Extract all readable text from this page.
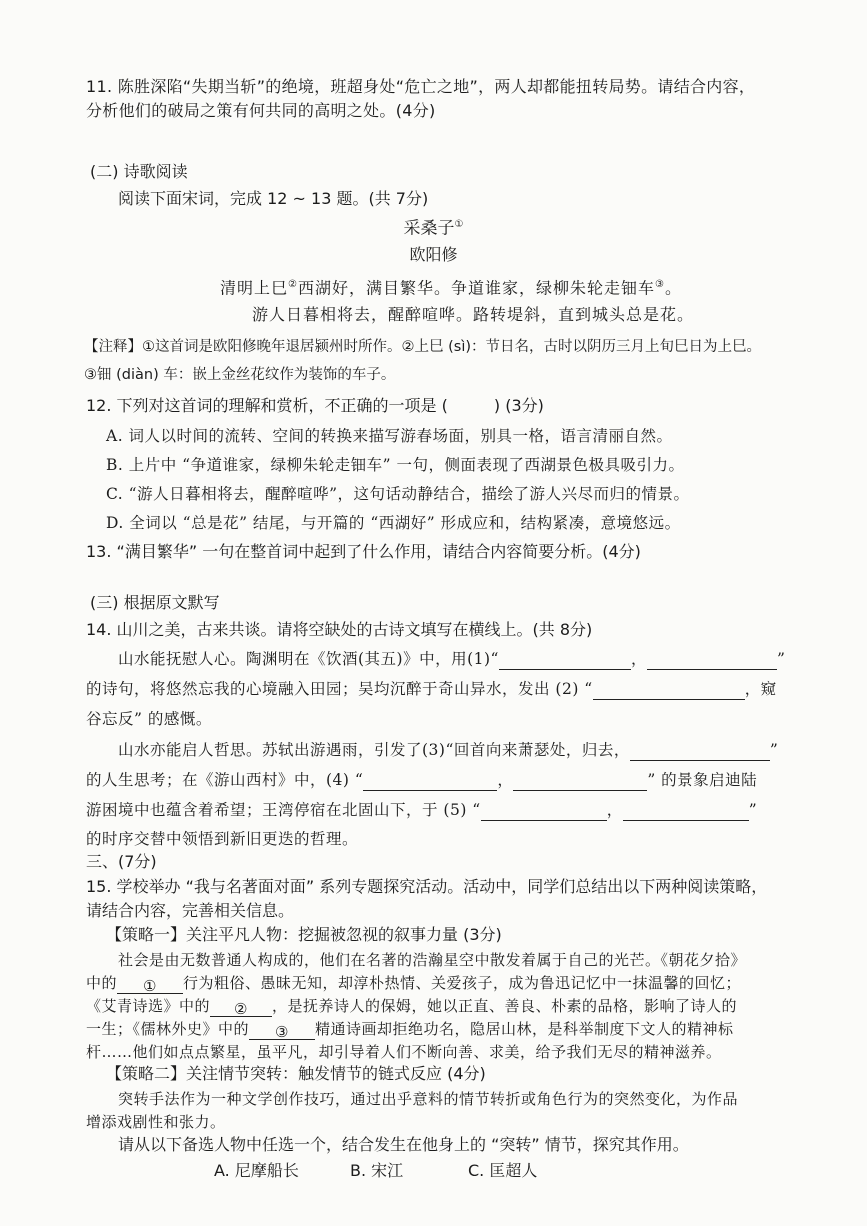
11. 陈胜深陷“失期当斩”的绝境，班超身处“危亡之地”，两人却都能扭转局势。请结合内容，
分析他们的破局之策有何共同的高明之处。(4分)
(二) 诗歌阅读
阅读下面宋词，完成 12 ~ 13 题。(共 7分)
采桑子①
欧阳修
清明上巳②西湖好，满目繁华。争道谁家，绿柳朱轮走钿车③。
游人日暮相将去，醒醉喧哗。路转堤斜，直到城头总是花。
【注释】①这首词是欧阳修晚年退居颍州时所作。②上巳 (sì)：节日名，古时以阴历三月上旬巳日为上巳。
③钿 (diàn) 车：嵌上金丝花纹作为装饰的车子。
12. 下列对这首词的理解和赏析，不正确的一项是 (	) (3分)
A. 词人以时间的流转、空间的转换来描写游春场面，别具一格，语言清丽自然。
B. 上片中 “争道谁家，绿柳朱轮走钿车” 一句，侧面表现了西湖景色极具吸引力。
C. “游人日暮相将去，醒醉喧哗”，这句话动静结合，描绘了游人兴尽而归的情景。
D. 全词以 “总是花” 结尾，与开篇的 “西湖好” 形成应和，结构紧凑，意境悠远。
13. “满目繁华” 一句在整首词中起到了什么作用，请结合内容简要分析。(4分)
(三) 根据原文默写
14. 山川之美，古来共谈。请将空缺处的古诗文填写在横线上。(共 8分)
山水能抚慰人心。陶渊明在《饮酒(其五)》中，用(1)“	，	”
的诗句，将悠然忘我的心境融入田园；吴均沉醉于奇山异水，发出 (2) “	，窥
谷忘反” 的感慨。
山水亦能启人哲思。苏轼出游遇雨，引发了(3)“回首向来萧瑟处，归去，	”
的人生思考；在《游山西村》中，(4) “	，	” 的景象启迪陆
游困境中也蕴含着希望；王湾停宿在北固山下，于 (5) “	，	”
的时序交替中领悟到新旧更迭的哲理。
三、(7分)
15. 学校举办 “我与名著面对面” 系列专题探究活动。活动中，同学们总结出以下两种阅读策略，
请结合内容，完善相关信息。
【策略一】关注平凡人物：挖掘被忽视的叙事力量 (3分)
社会是由无数普通人构成的，他们在名著的浩瀚星空中散发着属于自己的光芒。《朝花夕拾》
中的 ① 行为粗俗、愚昧无知，却淳朴热情、关爱孩子，成为鲁迅记忆中一抹温馨的回忆；
《艾青诗选》中的 ② ，是抚养诗人的保姆，她以正直、善良、朴素的品格，影响了诗人的
一生；《儒林外史》中的 ③ 精通诗画却拒绝功名，隐居山林，是科举制度下文人的精神标
杆……他们如点点繁星，虽平凡，却引导着人们不断向善、求美，给予我们无尽的精神滋养。
【策略二】关注情节突转：触发情节的链式反应 (4分)
突转手法作为一种文学创作技巧，通过出乎意料的情节转折或角色行为的突然变化，为作品
增添戏剧性和张力。
请从以下备选人物中任选一个，结合发生在他身上的 “突转” 情节，探究其作用。
A. 尼摩船长	B. 宋江	C. 匡超人
